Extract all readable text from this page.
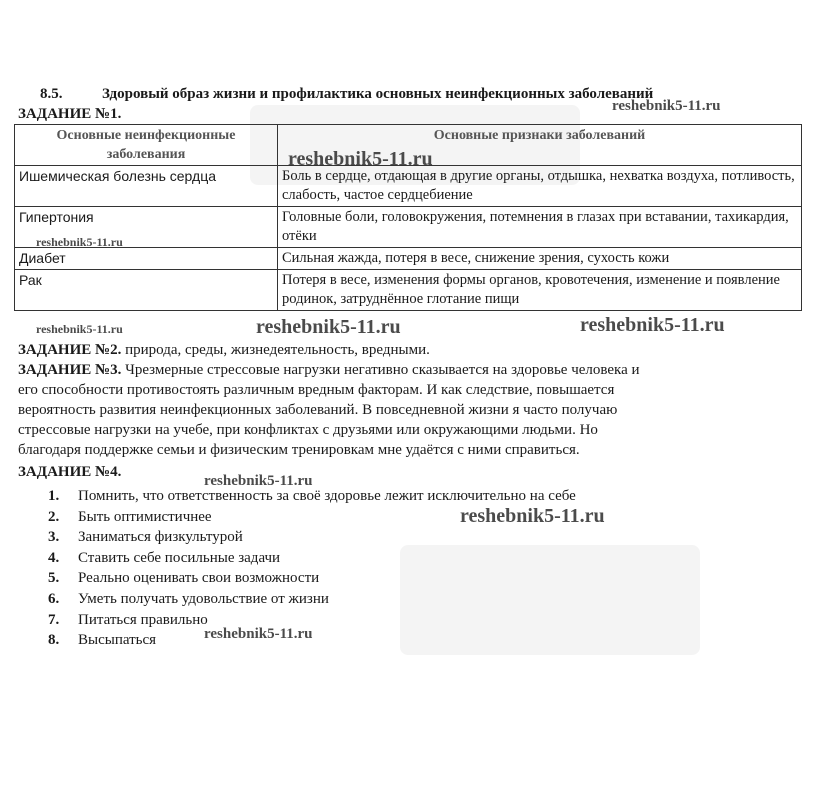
8.5.	Здоровый образ жизни и профилактика основных неинфекционных заболеваний
ЗАДАНИЕ №1.
Основные неинфекционные заболевания	Основные признаки заболеваний
Ишемическая болезнь сердца	Боль в сердце, отдающая в другие органы, отдышка, нехватка воздуха, потливость, слабость, частое сердцебиение
Гипертония	Головные боли, головокружения, потемнения в глазах при вставании, тахикардия, отёки
Диабет	Сильная жажда, потеря в весе, снижение зрения, сухость кожи
Рак	Потеря в весе, изменения формы органов, кровотечения, изменение и появление родинок, затруднённое глотание пищи
ЗАДАНИЕ №2. природа, среды, жизнедеятельность, вредными.
ЗАДАНИЕ №3. Чрезмерные стрессовые нагрузки негативно сказывается на здоровье человека и
его способности противостоять различным вредным факторам. И как следствие, повышается
вероятность развития неинфекционных заболеваний. В повседневной жизни я часто получаю
стрессовые нагрузки на учебе, при конфликтах с друзьями или окружающими людьми. Но
благодаря поддержке семьи и физическим тренировкам мне удаётся с ними справиться.
ЗАДАНИЕ №4.
1. Помнить, что ответственность за своё здоровье лежит исключительно на себе
2. Быть оптимистичнее
3. Заниматься физкультурой
4. Ставить себе посильные задачи
5. Реально оценивать свои возможности
6. Уметь получать удовольствие от жизни
7. Питаться правильно
8. Высыпаться
reshebnik5-11.ru
reshebnik5-11.ru
reshebnik5-11.ru
reshebnik5-11.ru	reshebnik5-11.ru	reshebnik5-11.ru
reshebnik5-11.ru
reshebnik5-11.ru
reshebnik5-11.ru
